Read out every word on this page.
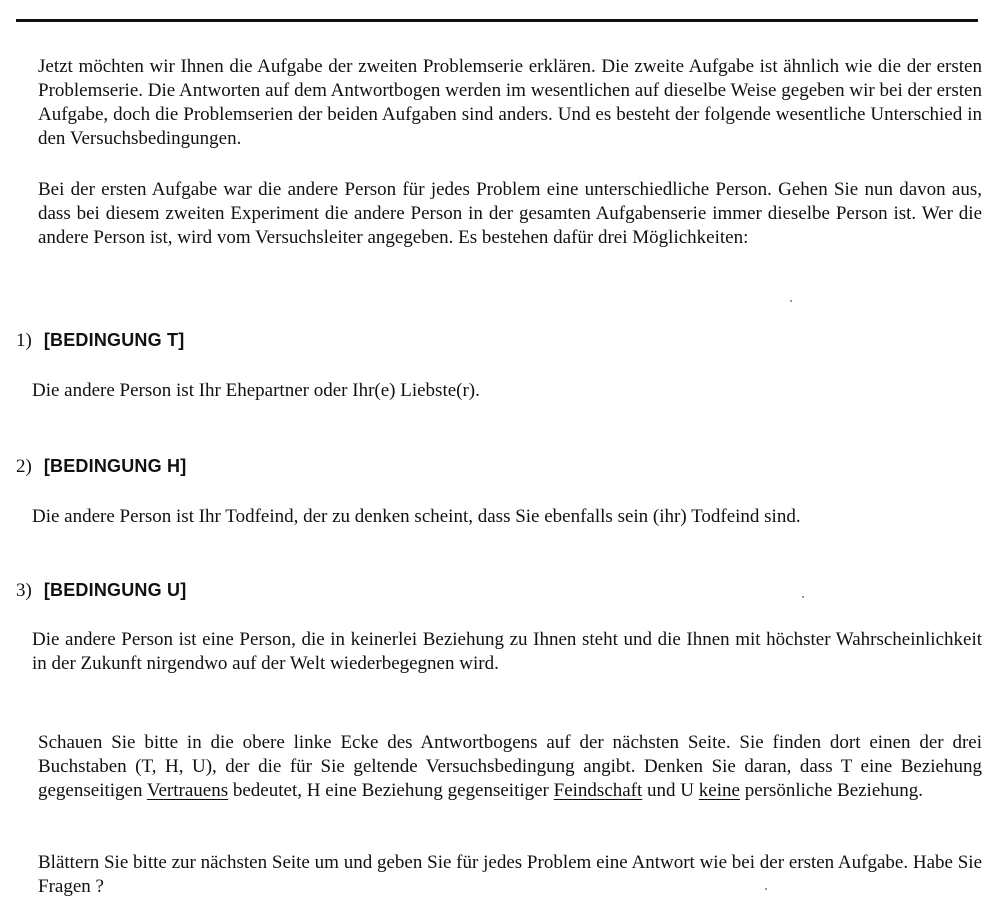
Jetzt möchten wir Ihnen die Aufgabe der zweiten Problemserie erklären. Die zweite Aufgabe ist ähnlich wie die der ersten Problemserie. Die Antworten auf dem Antwortbogen werden im wesentlichen auf dieselbe Weise gegeben wir bei der ersten Aufgabe, doch die Problemserien der beiden Aufgaben sind anders. Und es besteht der folgende wesentliche Unterschied in den Versuchsbedingungen.
Bei der ersten Aufgabe war die andere Person für jedes Problem eine unterschiedliche Person. Gehen Sie nun davon aus, dass bei diesem zweiten Experiment die andere Person in der gesamten Aufgabenserie immer dieselbe Person ist. Wer die andere Person ist, wird vom Versuchsleiter angegeben. Es bestehen dafür drei Möglichkeiten:
1) [BEDINGUNG T]
Die andere Person ist Ihr Ehepartner oder Ihr(e) Liebste(r).
2) [BEDINGUNG H]
Die andere Person ist Ihr Todfeind, der zu denken scheint, dass Sie ebenfalls sein (ihr) Todfeind sind.
3) [BEDINGUNG U]
Die andere Person ist eine Person, die in keinerlei Beziehung zu Ihnen steht und die Ihnen mit höchster Wahrscheinlichkeit in der Zukunft nirgendwo auf der Welt wiederbegegnen wird.
Schauen Sie bitte in die obere linke Ecke des Antwortbogens auf der nächsten Seite. Sie finden dort einen der drei Buchstaben (T, H, U), der die für Sie geltende Versuchsbedingung angibt. Denken Sie daran, dass T eine Beziehung gegenseitigen Vertrauens bedeutet, H eine Beziehung gegenseitiger Feindschaft und U keine persönliche Beziehung.
Blättern Sie bitte zur nächsten Seite um und geben Sie für jedes Problem eine Antwort wie bei der ersten Aufgabe. Habe Sie Fragen ?
